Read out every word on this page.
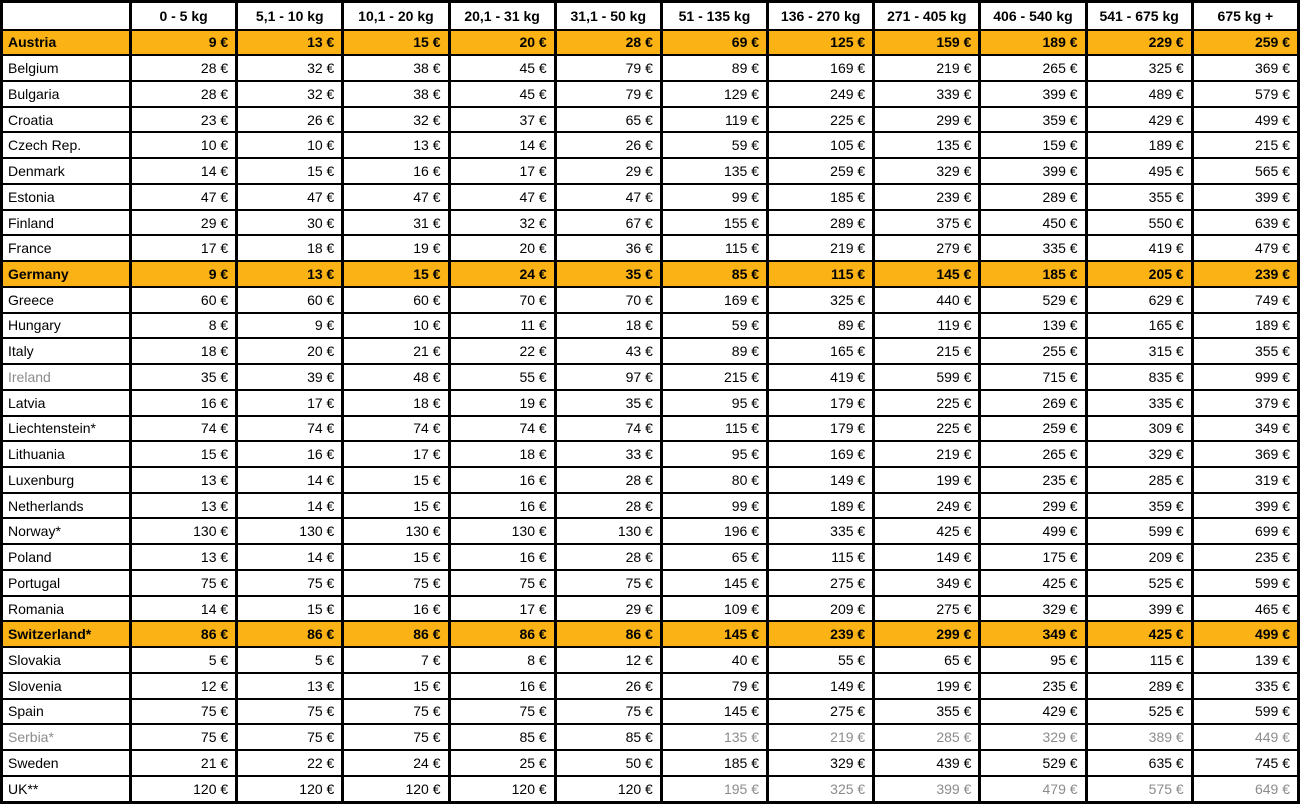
	0 - 5 kg	5,1 - 10 kg	10,1 - 20 kg	20,1 - 31 kg	31,1 - 50 kg	51 - 135 kg	136 - 270 kg	271 - 405 kg	406 - 540 kg	541 - 675 kg	675 kg +
Austria	9 €	13 €	15 €	20 €	28 €	69 €	125 €	159 €	189 €	229 €	259 €
Belgium	28 €	32 €	38 €	45 €	79 €	89 €	169 €	219 €	265 €	325 €	369 €
Bulgaria	28 €	32 €	38 €	45 €	79 €	129 €	249 €	339 €	399 €	489 €	579 €
Croatia	23 €	26 €	32 €	37 €	65 €	119 €	225 €	299 €	359 €	429 €	499 €
Czech Rep.	10 €	10 €	13 €	14 €	26 €	59 €	105 €	135 €	159 €	189 €	215 €
Denmark	14 €	15 €	16 €	17 €	29 €	135 €	259 €	329 €	399 €	495 €	565 €
Estonia	47 €	47 €	47 €	47 €	47 €	99 €	185 €	239 €	289 €	355 €	399 €
Finland	29 €	30 €	31 €	32 €	67 €	155 €	289 €	375 €	450 €	550 €	639 €
France	17 €	18 €	19 €	20 €	36 €	115 €	219 €	279 €	335 €	419 €	479 €
Germany	9 €	13 €	15 €	24 €	35 €	85 €	115 €	145 €	185 €	205 €	239 €
Greece	60 €	60 €	60 €	70 €	70 €	169 €	325 €	440 €	529 €	629 €	749 €
Hungary	8 €	9 €	10 €	11 €	18 €	59 €	89 €	119 €	139 €	165 €	189 €
Italy	18 €	20 €	21 €	22 €	43 €	89 €	165 €	215 €	255 €	315 €	355 €
Ireland	35 €	39 €	48 €	55 €	97 €	215 €	419 €	599 €	715 €	835 €	999 €
Latvia	16 €	17 €	18 €	19 €	35 €	95 €	179 €	225 €	269 €	335 €	379 €
Liechtenstein*	74 €	74 €	74 €	74 €	74 €	115 €	179 €	225 €	259 €	309 €	349 €
Lithuania	15 €	16 €	17 €	18 €	33 €	95 €	169 €	219 €	265 €	329 €	369 €
Luxenburg	13 €	14 €	15 €	16 €	28 €	80 €	149 €	199 €	235 €	285 €	319 €
Netherlands	13 €	14 €	15 €	16 €	28 €	99 €	189 €	249 €	299 €	359 €	399 €
Norway*	130 €	130 €	130 €	130 €	130 €	196 €	335 €	425 €	499 €	599 €	699 €
Poland	13 €	14 €	15 €	16 €	28 €	65 €	115 €	149 €	175 €	209 €	235 €
Portugal	75 €	75 €	75 €	75 €	75 €	145 €	275 €	349 €	425 €	525 €	599 €
Romania	14 €	15 €	16 €	17 €	29 €	109 €	209 €	275 €	329 €	399 €	465 €
Switzerland*	86 €	86 €	86 €	86 €	86 €	145 €	239 €	299 €	349 €	425 €	499 €
Slovakia	5 €	5 €	7 €	8 €	12 €	40 €	55 €	65 €	95 €	115 €	139 €
Slovenia	12 €	13 €	15 €	16 €	26 €	79 €	149 €	199 €	235 €	289 €	335 €
Spain	75 €	75 €	75 €	75 €	75 €	145 €	275 €	355 €	429 €	525 €	599 €
Serbia*	75 €	75 €	75 €	85 €	85 €	135 €	219 €	285 €	329 €	389 €	449 €
Sweden	21 €	22 €	24 €	25 €	50 €	185 €	329 €	439 €	529 €	635 €	745 €
UK**	120 €	120 €	120 €	120 €	120 €	195 €	325 €	399 €	479 €	575 €	649 €
